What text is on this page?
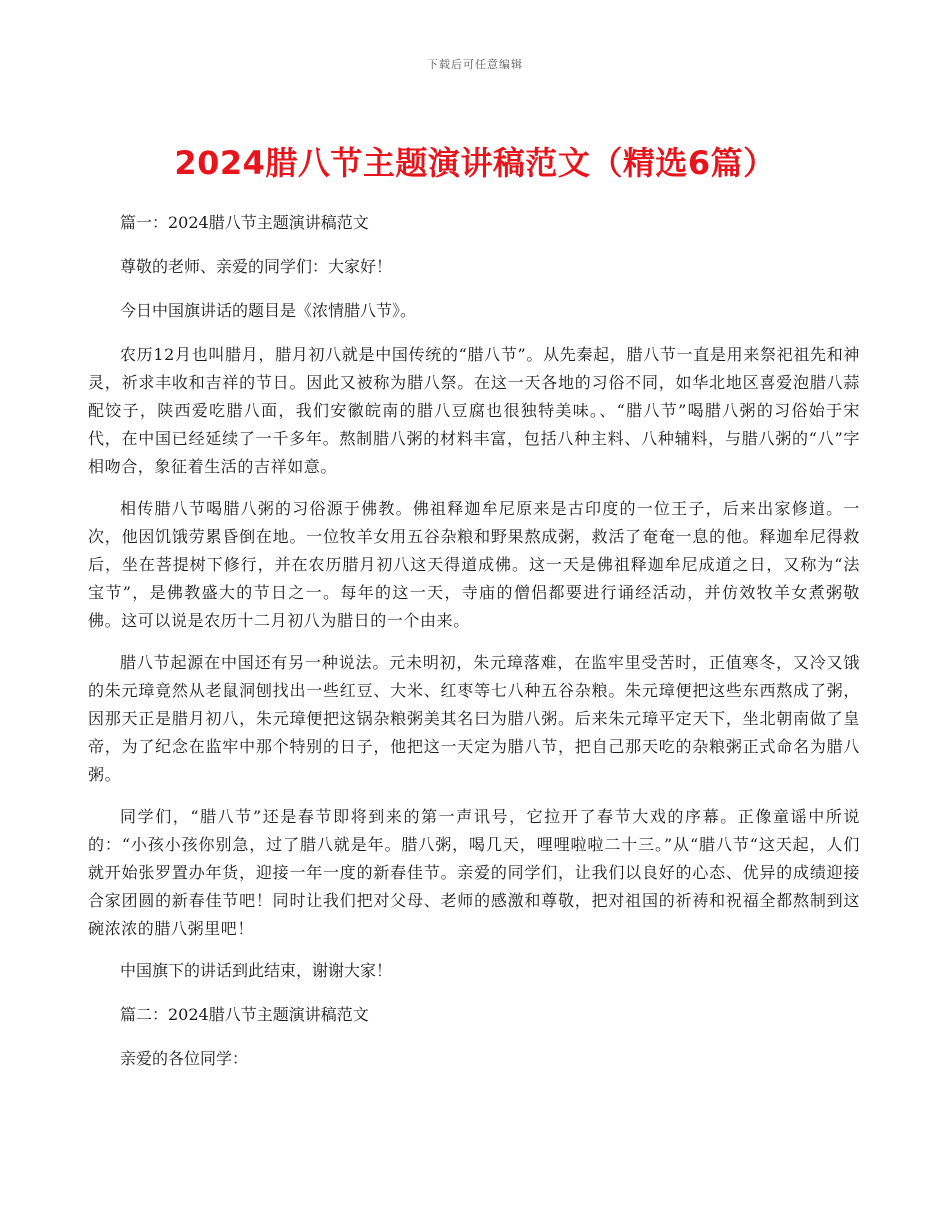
下载后可任意编辑
2024腊八节主题演讲稿范文（精选6篇）

篇一：2024腊八节主题演讲稿范文

尊敬的老师、亲爱的同学们：大家好！

今日中国旗讲话的题目是《浓情腊八节》。

农历12月也叫腊月，腊月初八就是中国传统的“腊八节”。从先秦起，腊八节一直是用来祭祀祖先和神灵，祈求丰收和吉祥的节日。因此又被称为腊八祭。在这一天各地的习俗不同，如华北地区喜爱泡腊八蒜配饺子，陕西爱吃腊八面，我们安徽皖南的腊八豆腐也很独特美味。、“腊八节”喝腊八粥的习俗始于宋代，在中国已经延续了一千多年。熬制腊八粥的材料丰富，包括八种主料、八种辅料，与腊八粥的“八”字相吻合，象征着生活的吉祥如意。

相传腊八节喝腊八粥的习俗源于佛教。佛祖释迦牟尼原来是古印度的一位王子，后来出家修道。一次，他因饥饿劳累昏倒在地。一位牧羊女用五谷杂粮和野果熬成粥，救活了奄奄一息的他。释迦牟尼得救后，坐在菩提树下修行，并在农历腊月初八这天得道成佛。这一天是佛祖释迦牟尼成道之日，又称为“法宝节”，是佛教盛大的节日之一。每年的这一天，寺庙的僧侣都要进行诵经活动，并仿效牧羊女煮粥敬佛。这可以说是农历十二月初八为腊日的一个由来。

腊八节起源在中国还有另一种说法。元未明初，朱元璋落难，在监牢里受苦时，正值寒冬，又冷又饿的朱元璋竟然从老鼠洞刨找出一些红豆、大米、红枣等七八种五谷杂粮。朱元璋便把这些东西熬成了粥，因那天正是腊月初八，朱元璋便把这锅杂粮粥美其名曰为腊八粥。后来朱元璋平定天下，坐北朝南做了皇帝，为了纪念在监牢中那个特别的日子，他把这一天定为腊八节，把自己那天吃的杂粮粥正式命名为腊八粥。

同学们，“腊八节”还是春节即将到来的第一声讯号，它拉开了春节大戏的序幕。正像童谣中所说的：“小孩小孩你别急，过了腊八就是年。腊八粥，喝几天，哩哩啦啦二十三。”从“腊八节“这天起，人们就开始张罗置办年货，迎接一年一度的新春佳节。亲爱的同学们，让我们以良好的心态、优异的成绩迎接合家团圆的新春佳节吧！同时让我们把对父母、老师的感激和尊敬，把对祖国的祈祷和祝福全都熬制到这碗浓浓的腊八粥里吧！

中国旗下的讲话到此结束，谢谢大家！

篇二：2024腊八节主题演讲稿范文

亲爱的各位同学：
